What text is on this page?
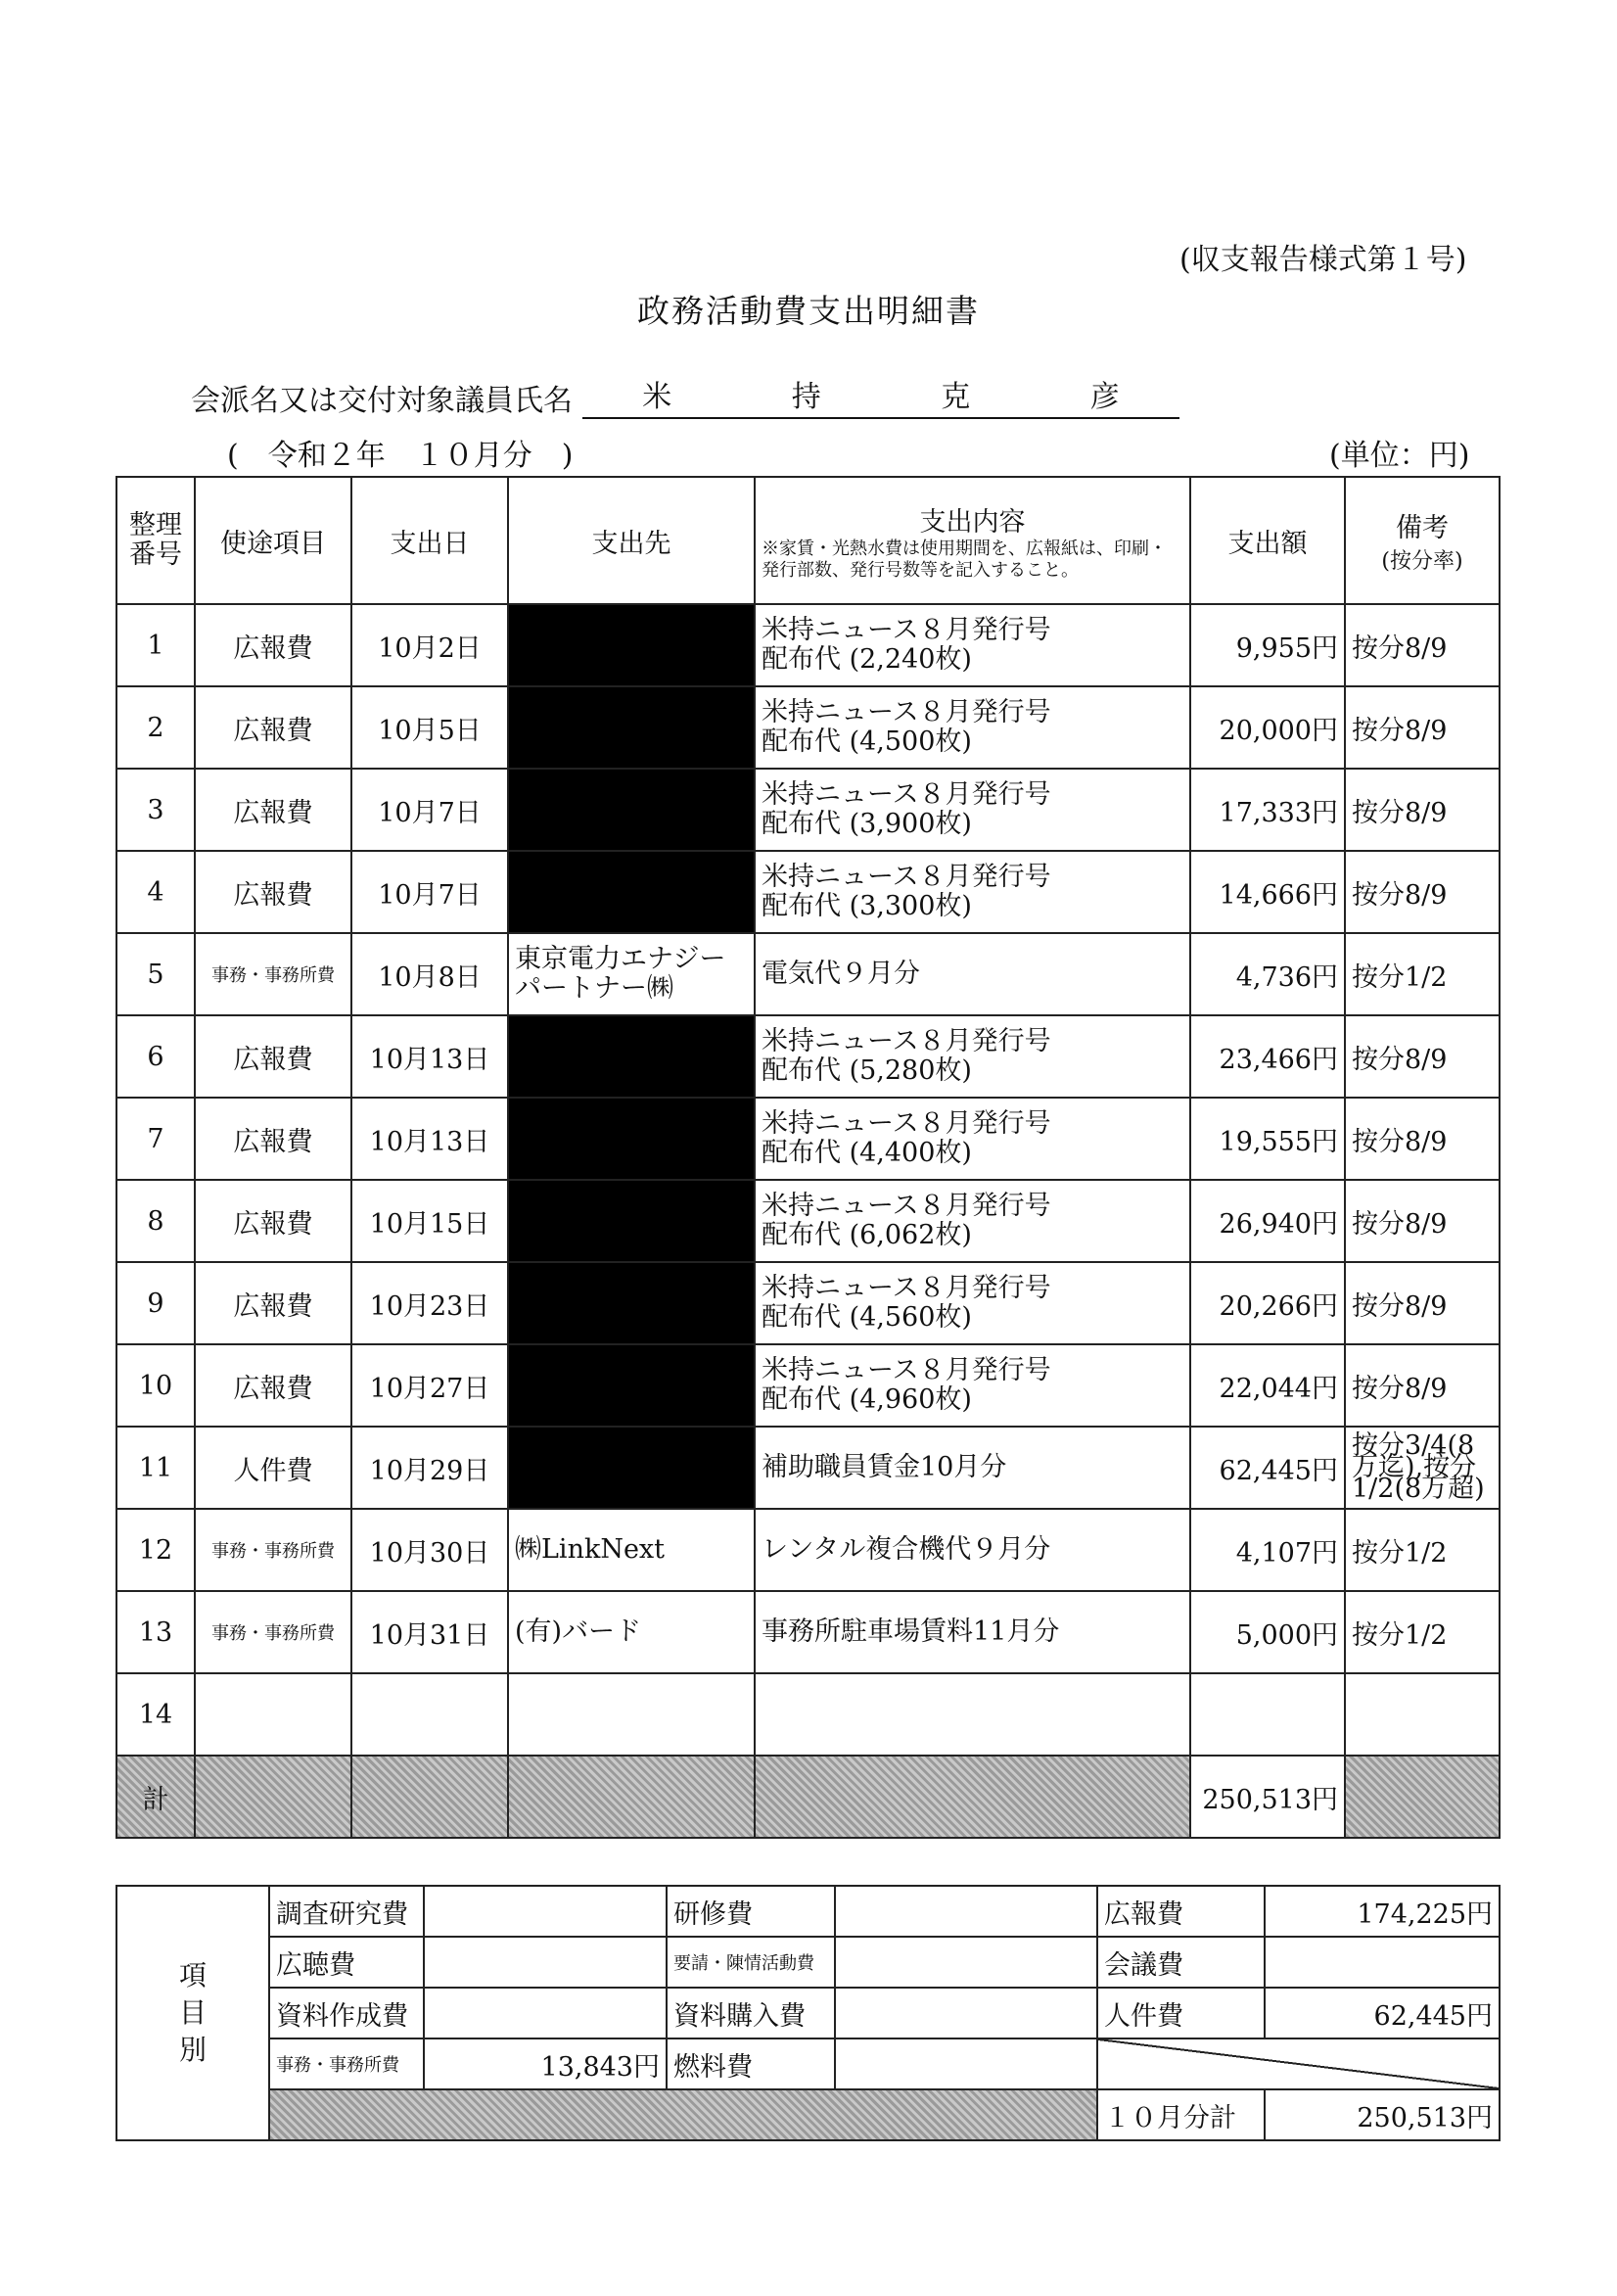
(収支報告様式第１号)
政務活動費支出明細書
会派名又は交付対象議員氏名 米	持	克	彦
(　令和２年　１０月分　)	(単位：円)
整理番号	使途項目	支出日	支出先	支出内容
※家賃・光熱水費は使用期間を、広報紙は、印刷・発行部数、発行号数等を記入すること。	支出額	備考
(按分率)
1	広報費	10月2日		米持ニュース８月発行号
配布代 (2,240枚)	9,955円	按分8/9
2	広報費	10月5日		米持ニュース８月発行号
配布代 (4,500枚)	20,000円	按分8/9
3	広報費	10月7日		米持ニュース８月発行号
配布代 (3,900枚)	17,333円	按分8/9
4	広報費	10月7日		米持ニュース８月発行号
配布代 (3,300枚)	14,666円	按分8/9
5	事務・事務所費	10月8日	東京電力エナジーパートナー㈱	電気代９月分	4,736円	按分1/2
6	広報費	10月13日		米持ニュース８月発行号
配布代 (5,280枚)	23,466円	按分8/9
7	広報費	10月13日		米持ニュース８月発行号
配布代 (4,400枚)	19,555円	按分8/9
8	広報費	10月15日		米持ニュース８月発行号
配布代 (6,062枚)	26,940円	按分8/9
9	広報費	10月23日		米持ニュース８月発行号
配布代 (4,560枚)	20,266円	按分8/9
10	広報費	10月27日		米持ニュース８月発行号
配布代 (4,960枚)	22,044円	按分8/9
11	人件費	10月29日		補助職員賃金10月分	62,445円	按分3/4(8万迄),按分1/2(8万超)
12	事務・事務所費	10月30日	㈱LinkNext	レンタル複合機代９月分	4,107円	按分1/2
13	事務・事務所費	10月31日	(有)バード	事務所駐車場賃料11月分	5,000円	按分1/2
14				

計					250,513円	
項
目
別	調査研究費		研修費		広報費	174,225円
	広聴費		要請・陳情活動費		会議費	
	資料作成費		資料購入費		人件費	62,445円
	事務・事務所費	13,843円	燃料費			
					１０月分計	250,513円
